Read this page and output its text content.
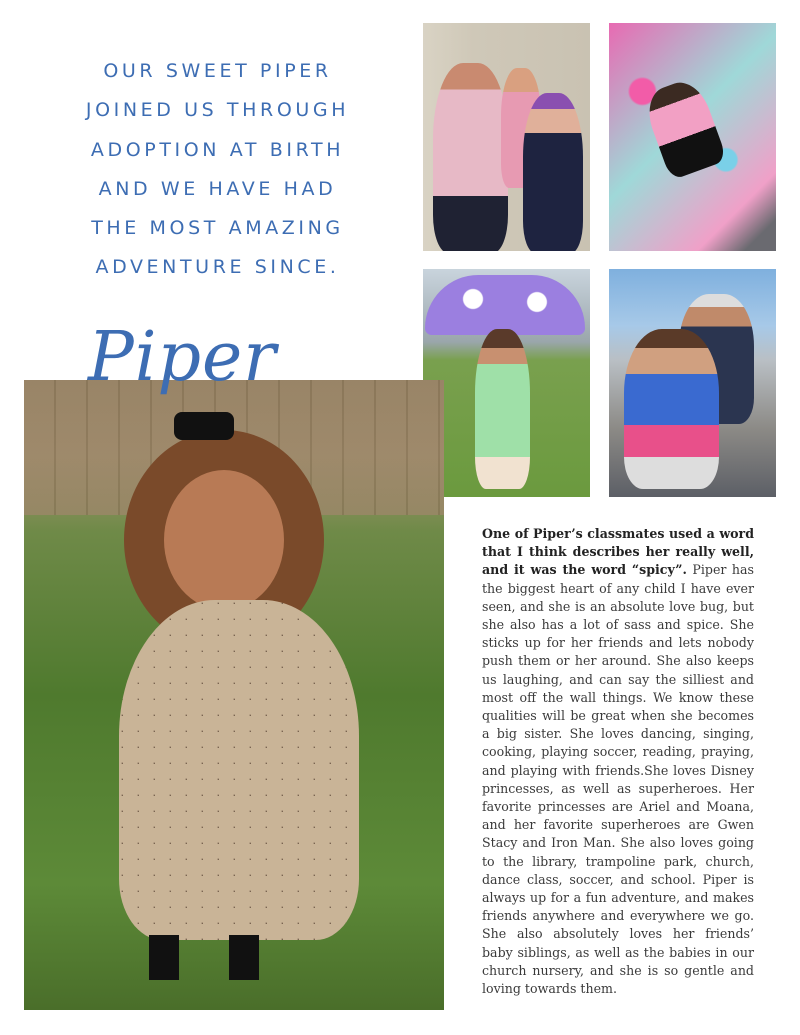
OUR SWEET PIPER
JOINED US THROUGH
ADOPTION AT BIRTH
AND WE HAVE HAD
THE MOST AMAZING
ADVENTURE SINCE.
Piper
One of Piper’s classmates used a word that I think describes her really well, and it was the word “spicy”. Piper has the biggest heart of any child I have ever seen, and she is an absolute love bug, but she also has a lot of sass and spice. She sticks up for her friends and lets nobody push them or her around. She also keeps us laughing, and can say the silliest and most off the wall things. We know these qualities will be great when she becomes a big sister. She loves dancing, singing, cooking, playing soccer, reading, praying, and playing with friends.She loves Disney princesses, as well as superheroes. Her favorite princesses are Ariel and Moana, and her favorite superheroes are Gwen Stacy and Iron Man. She also loves going to the library, trampoline park, church, dance class, soccer, and school. Piper is always up for a fun adventure, and makes friends anywhere and everywhere we go. She also absolutely loves her friends’ baby siblings, as well as the babies in our church nursery, and she is so gentle and loving towards them.
